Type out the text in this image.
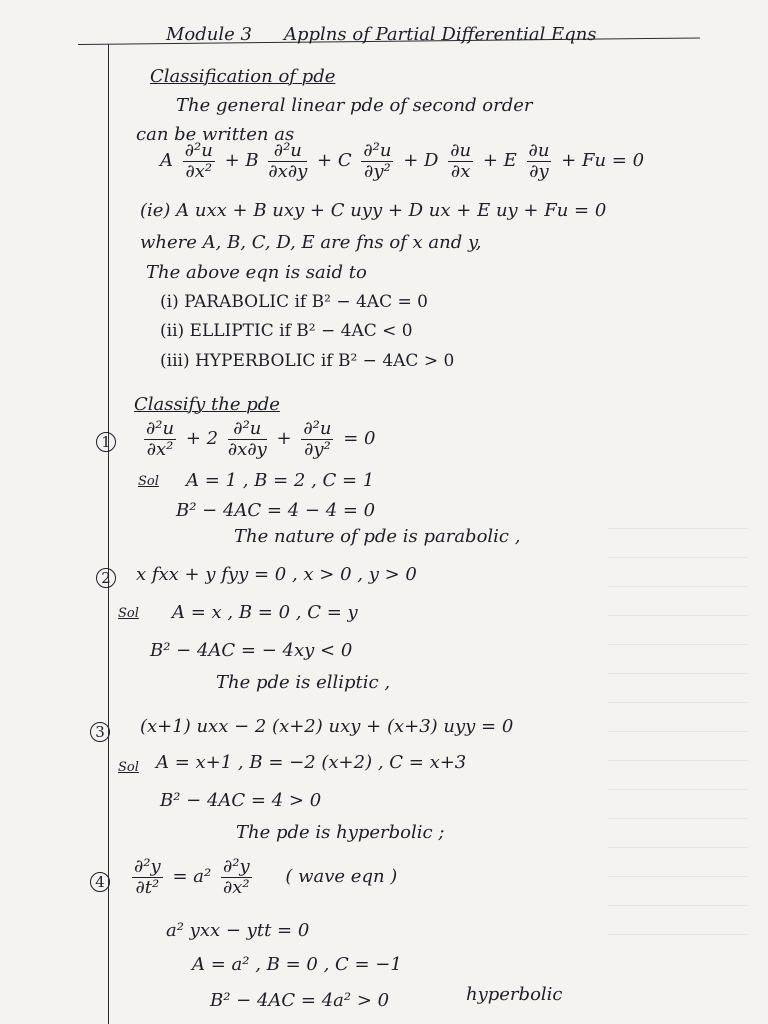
Module 3 Applns of Partial Differential Eqns
Classification of pde
The general linear pde of second order
can be written as
A $\frac{\text{∂²u}}{\text{∂x²}} + B \frac{\text{∂²u}}{\partial x\partial y} + C \frac{\text{∂²u}}{\text{∂y²}} + D \frac{\partial u}{\partial x} + E \frac{\partial u}{\partial y} + Fu = 0$
(ie) A uxx + B uxy + C uyy + D ux + E uy + Fu = 0
where A, B, C, D, E are fns of x and y,
The above eqn is said to
(i) PARABOLIC if B² − 4AC = 0
(ii) ELLIPTIC if B² − 4AC < 0
(iii) HYPERBOLIC if B² − 4AC > 0
Classify the pde
$1 \frac{\text{∂²u}}{\text{∂x²}} + 2 \frac{\text{∂²u}}{\partial x\partial y} + \frac{\text{∂²u}}{\text{∂y²}} = 0$
Sol A = 1 , B = 2 , C = 1
B² − 4AC = 4 − 4 = 0
The nature of pde is parabolic ,
2 x fxx + y fyy = 0 , x > 0 , y > 0
Sol A = x , B = 0 , C = y
B² − 4AC = − 4xy < 0
The pde is elliptic ,
3 (x+1) uxx − 2 (x+2) uxy + (x+3) uyy = 0
Sol A = x+1 , B = −2 (x+2) , C = x+3
B² − 4AC = 4 > 0
The pde is hyperbolic ;
$4 \frac{\text{∂²y}}{\text{∂t²}} = a^2 \frac{\text{∂²y}}{\text{∂x²}}$ ( wave eqn )
a² yxx − ytt = 0
A = a² , B = 0 , C = −1
B² − 4AC = 4a² > 0	hyperbolic
